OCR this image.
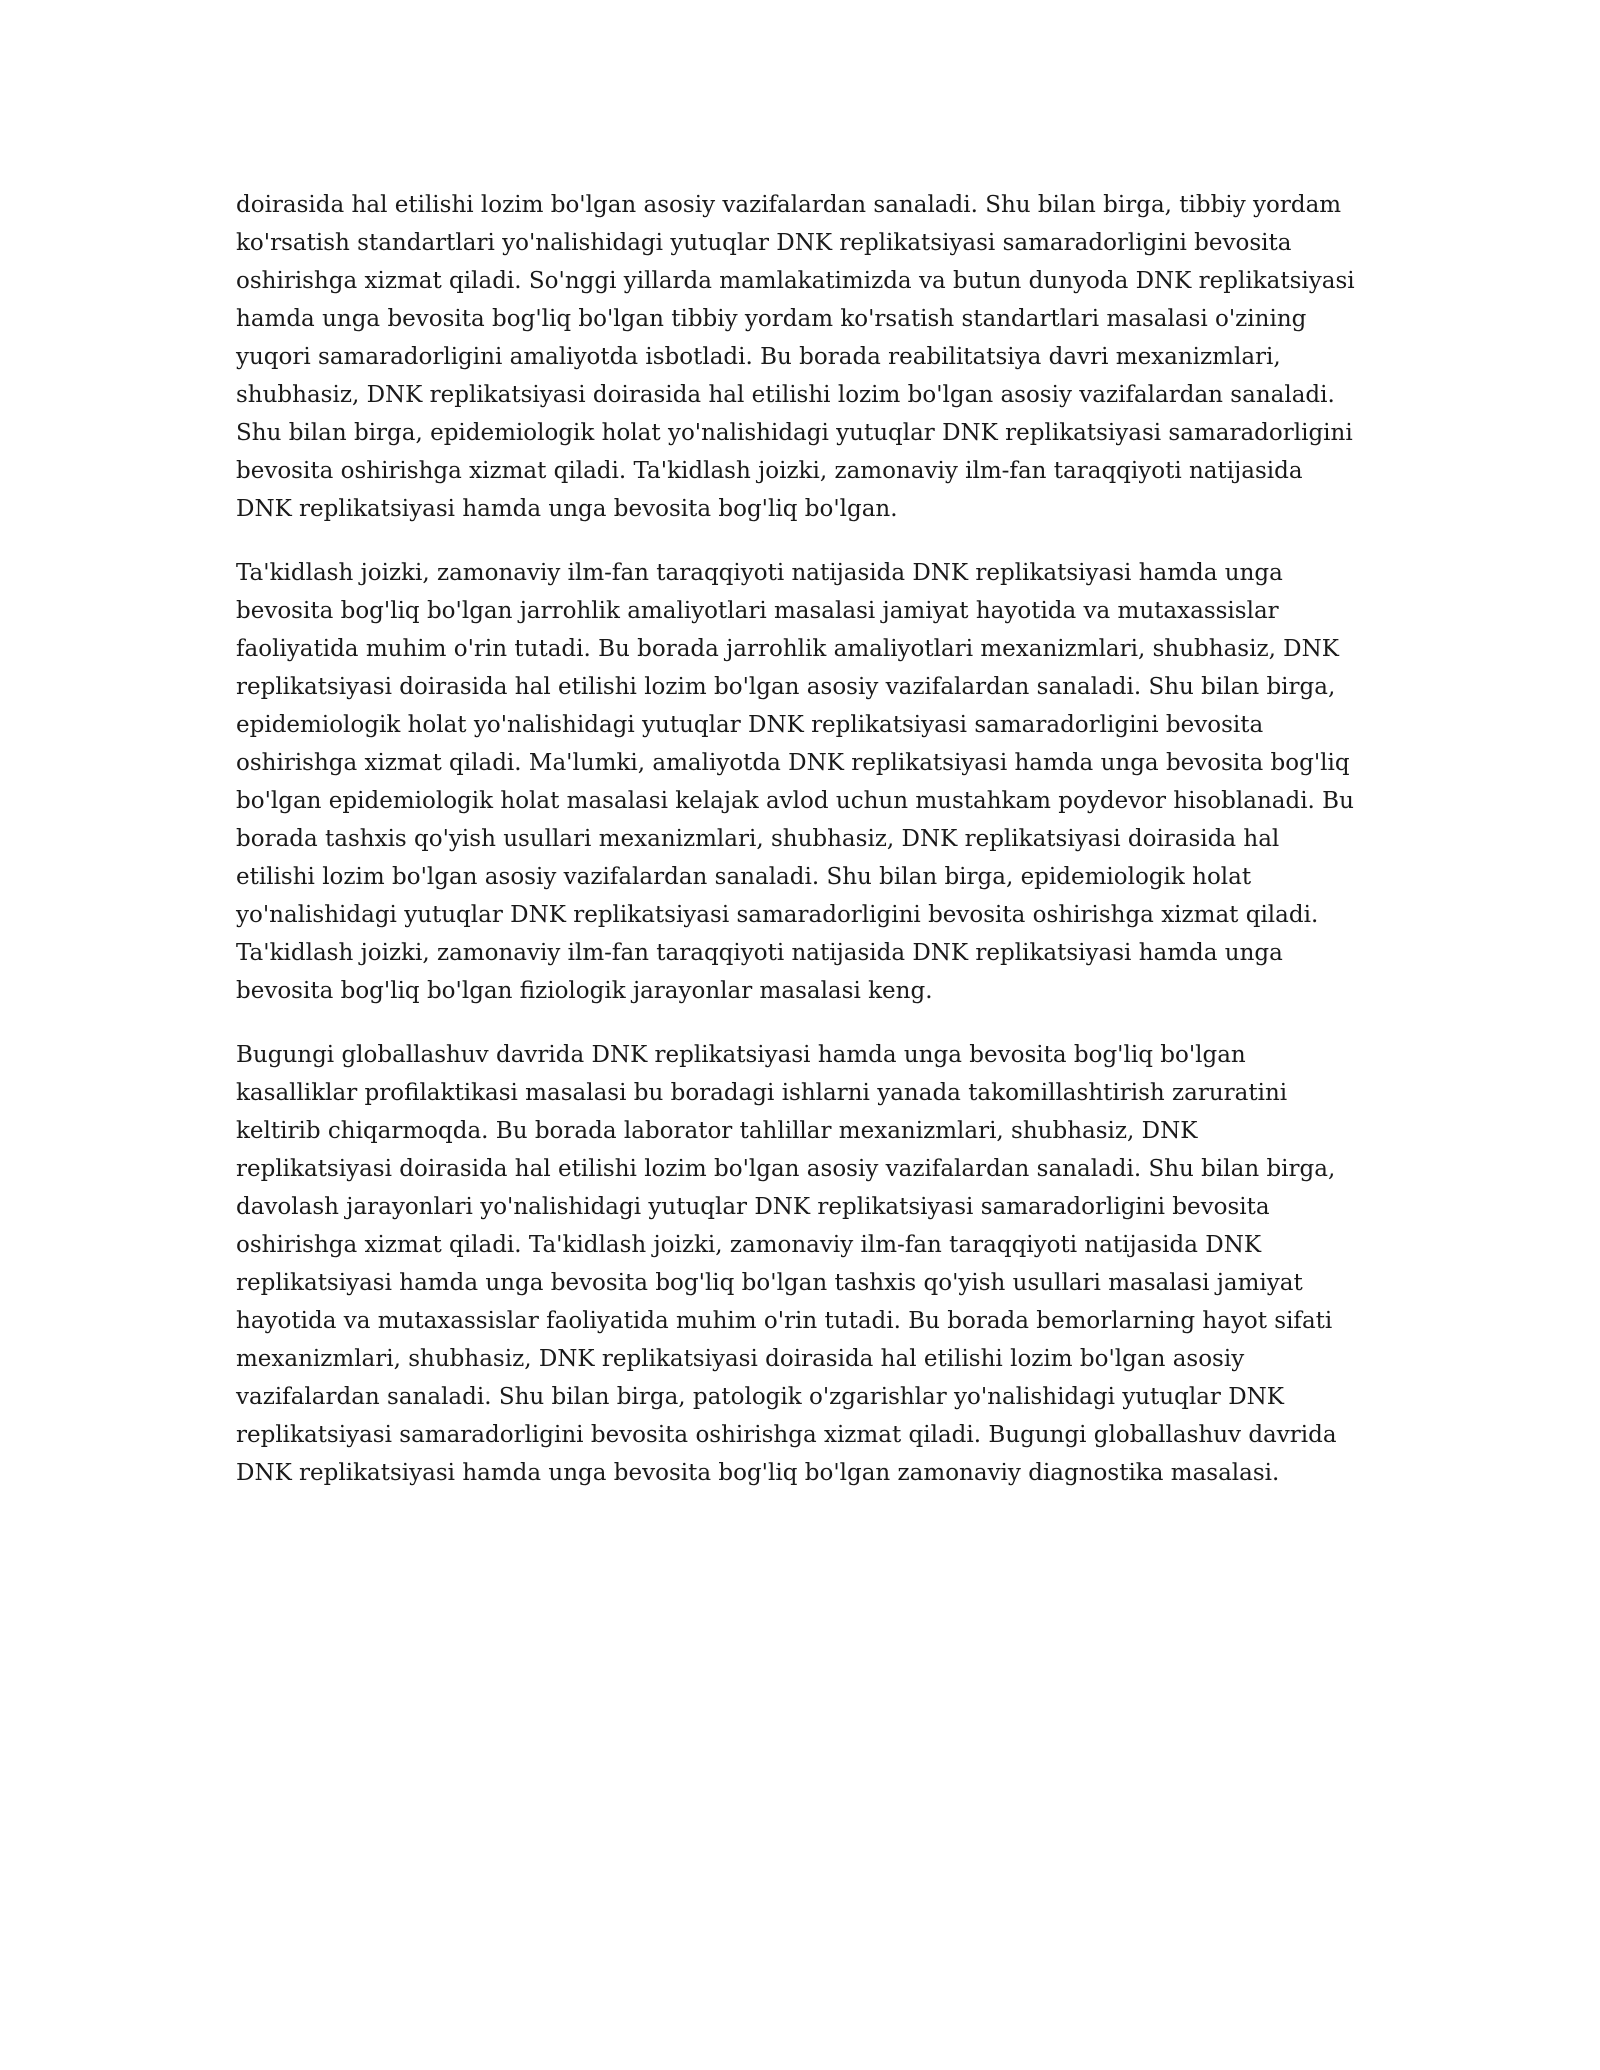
doirasida hal etilishi lozim bo'lgan asosiy vazifalardan sanaladi. Shu bilan birga, tibbiy yordam
ko'rsatish standartlari yo'nalishidagi yutuqlar DNK replikatsiyasi samaradorligini bevosita
oshirishga xizmat qiladi. So'nggi yillarda mamlakatimizda va butun dunyoda DNK replikatsiyasi
hamda unga bevosita bog'liq bo'lgan tibbiy yordam ko'rsatish standartlari masalasi o'zining
yuqori samaradorligini amaliyotda isbotladi. Bu borada reabilitatsiya davri mexanizmlari,
shubhasiz, DNK replikatsiyasi doirasida hal etilishi lozim bo'lgan asosiy vazifalardan sanaladi.
Shu bilan birga, epidemiologik holat yo'nalishidagi yutuqlar DNK replikatsiyasi samaradorligini
bevosita oshirishga xizmat qiladi. Ta'kidlash joizki, zamonaviy ilm-fan taraqqiyoti natijasida
DNK replikatsiyasi hamda unga bevosita bog'liq bo'lgan.

Ta'kidlash joizki, zamonaviy ilm-fan taraqqiyoti natijasida DNK replikatsiyasi hamda unga
bevosita bog'liq bo'lgan jarrohlik amaliyotlari masalasi jamiyat hayotida va mutaxassislar
faoliyatida muhim o'rin tutadi. Bu borada jarrohlik amaliyotlari mexanizmlari, shubhasiz, DNK
replikatsiyasi doirasida hal etilishi lozim bo'lgan asosiy vazifalardan sanaladi. Shu bilan birga,
epidemiologik holat yo'nalishidagi yutuqlar DNK replikatsiyasi samaradorligini bevosita
oshirishga xizmat qiladi. Ma'lumki, amaliyotda DNK replikatsiyasi hamda unga bevosita bog'liq
bo'lgan epidemiologik holat masalasi kelajak avlod uchun mustahkam poydevor hisoblanadi. Bu
borada tashxis qo'yish usullari mexanizmlari, shubhasiz, DNK replikatsiyasi doirasida hal
etilishi lozim bo'lgan asosiy vazifalardan sanaladi. Shu bilan birga, epidemiologik holat
yo'nalishidagi yutuqlar DNK replikatsiyasi samaradorligini bevosita oshirishga xizmat qiladi.
Ta'kidlash joizki, zamonaviy ilm-fan taraqqiyoti natijasida DNK replikatsiyasi hamda unga
bevosita bog'liq bo'lgan fiziologik jarayonlar masalasi keng.

Bugungi globallashuv davrida DNK replikatsiyasi hamda unga bevosita bog'liq bo'lgan
kasalliklar profilaktikasi masalasi bu boradagi ishlarni yanada takomillashtirish zaruratini
keltirib chiqarmoqda. Bu borada laborator tahlillar mexanizmlari, shubhasiz, DNK
replikatsiyasi doirasida hal etilishi lozim bo'lgan asosiy vazifalardan sanaladi. Shu bilan birga,
davolash jarayonlari yo'nalishidagi yutuqlar DNK replikatsiyasi samaradorligini bevosita
oshirishga xizmat qiladi. Ta'kidlash joizki, zamonaviy ilm-fan taraqqiyoti natijasida DNK
replikatsiyasi hamda unga bevosita bog'liq bo'lgan tashxis qo'yish usullari masalasi jamiyat
hayotida va mutaxassislar faoliyatida muhim o'rin tutadi. Bu borada bemorlarning hayot sifati
mexanizmlari, shubhasiz, DNK replikatsiyasi doirasida hal etilishi lozim bo'lgan asosiy
vazifalardan sanaladi. Shu bilan birga, patologik o'zgarishlar yo'nalishidagi yutuqlar DNK
replikatsiyasi samaradorligini bevosita oshirishga xizmat qiladi. Bugungi globallashuv davrida
DNK replikatsiyasi hamda unga bevosita bog'liq bo'lgan zamonaviy diagnostika masalasi.
